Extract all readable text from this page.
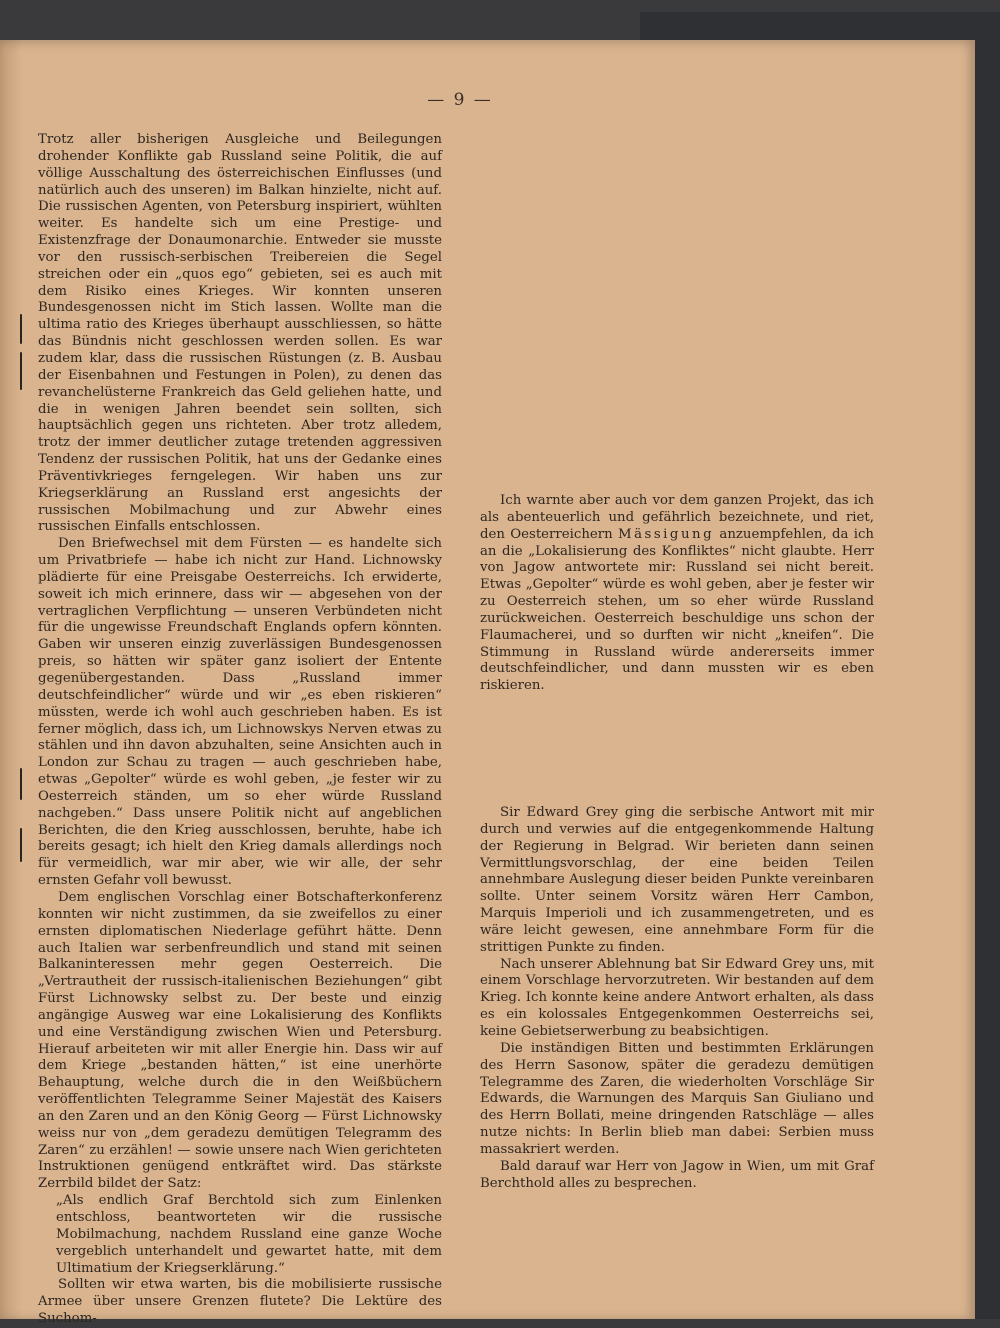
— 9 —

Trotz aller bisherigen Ausgleiche und Beilegungen drohender Konflikte gab Russland seine Politik, die auf völlige Ausschaltung des österreichischen Einflusses (und natürlich auch des unseren) im Balkan hinzielte, nicht auf. Die russischen Agenten, von Petersburg inspiriert, wühlten weiter. Es handelte sich um eine Prestige- und Existenzfrage der Donaumonarchie. Entweder sie musste vor den russisch-serbischen Treibereien die Segel streichen oder ein „quos ego“ gebieten, sei es auch mit dem Risiko eines Krieges. Wir konnten unseren Bundesgenossen nicht im Stich lassen. Wollte man die ultima ratio des Krieges überhaupt ausschliessen, so hätte das Bündnis nicht geschlossen werden sollen. Es war zudem klar, dass die russischen Rüstungen (z. B. Ausbau der Eisenbahnen und Festungen in Polen), zu denen das revanchelüsterne Frankreich das Geld geliehen hatte, und die in wenigen Jahren beendet sein sollten, sich hauptsächlich gegen uns richteten. Aber trotz alledem, trotz der immer deutlicher zutage tretenden aggressiven Tendenz der russischen Politik, hat uns der Gedanke eines Präventivkrieges ferngelegen. Wir haben uns zur Kriegserklärung an Russland erst angesichts der russischen Mobilmachung und zur Abwehr eines russischen Einfalls entschlossen.

Den Briefwechsel mit dem Fürsten — es handelte sich um Privatbriefe — habe ich nicht zur Hand. Lichnowsky plädierte für eine Preisgabe Oesterreichs. Ich erwiderte, soweit ich mich erinnere, dass wir — abgesehen von der vertraglichen Verpflichtung — unseren Verbündeten nicht für die ungewisse Freundschaft Englands opfern könnten. Gaben wir unseren einzig zuverlässigen Bundesgenossen preis, so hätten wir später ganz isoliert der Entente gegenübergestanden. Dass „Russland immer deutschfeindlicher“ würde und wir „es eben riskieren“ müssten, werde ich wohl auch geschrieben haben. Es ist ferner möglich, dass ich, um Lichnowskys Nerven etwas zu stählen und ihn davon abzuhalten, seine Ansichten auch in London zur Schau zu tragen — auch geschrieben habe, etwas „Gepolter“ würde es wohl geben, „je fester wir zu Oesterreich ständen, um so eher würde Russland nachgeben.“ Dass unsere Politik nicht auf angeblichen Berichten, die den Krieg ausschlossen, beruhte, habe ich bereits gesagt; ich hielt den Krieg damals allerdings noch für vermeidlich, war mir aber, wie wir alle, der sehr ernsten Gefahr voll bewusst.

Dem englischen Vorschlag einer Botschafterkonferenz konnten wir nicht zustimmen, da sie zweifellos zu einer ernsten diplomatischen Niederlage geführt hätte. Denn auch Italien war serbenfreundlich und stand mit seinen Balkaninteressen mehr gegen Oesterreich. Die „Vertrautheit der russisch-italienischen Beziehungen“ gibt Fürst Lichnowsky selbst zu. Der beste und einzig angängige Ausweg war eine Lokalisierung des Konflikts und eine Verständigung zwischen Wien und Petersburg. Hierauf arbeiteten wir mit aller Energie hin. Dass wir auf dem Kriege „bestanden hätten,“ ist eine unerhörte Behauptung, welche durch die in den Weißbüchern veröffentlichten Telegramme Seiner Majestät des Kaisers an den Zaren und an den König Georg — Fürst Lichnowsky weiss nur von „dem geradezu demütigen Telegramm des Zaren“ zu erzählen! — sowie unsere nach Wien gerichteten Instruktionen genügend entkräftet wird. Das stärkste Zerrbild bildet der Satz:

„Als endlich Graf Berchtold sich zum Einlenken entschloss, beantworteten wir die russische Mobilmachung, nachdem Russland eine ganze Woche vergeblich unterhandelt und gewartet hatte, mit dem Ultimatium der Kriegserklärung.“

Sollten wir etwa warten, bis die mobilisierte russische Armee über unsere Grenzen flutete? Die Lektüre des Suchom-

Ich warnte aber auch vor dem ganzen Projekt, das ich als abenteuerlich und gefährlich bezeichnete, und riet, den Oesterreichern Mässigung anzuempfehlen, da ich an die „Lokalisierung des Konfliktes“ nicht glaubte. Herr von Jagow antwortete mir: Russland sei nicht bereit. Etwas „Gepolter“ würde es wohl geben, aber je fester wir zu Oesterreich stehen, um so eher würde Russland zurückweichen. Oesterreich beschuldige uns schon der Flaumacherei, und so durften wir nicht „kneifen“. Die Stimmung in Russland würde andererseits immer deutschfeindlicher, und dann mussten wir es eben riskieren.

Sir Edward Grey ging die serbische Antwort mit mir durch und verwies auf die entgegenkommende Haltung der Regierung in Belgrad. Wir berieten dann seinen Vermittlungsvorschlag, der eine beiden Teilen annehmbare Auslegung dieser beiden Punkte vereinbaren sollte. Unter seinem Vorsitz wären Herr Cambon, Marquis Imperioli und ich zusammengetreten, und es wäre leicht gewesen, eine annehmbare Form für die strittigen Punkte zu finden.

Nach unserer Ablehnung bat Sir Edward Grey uns, mit einem Vorschlage hervorzutreten. Wir bestanden auf dem Krieg. Ich konnte keine andere Antwort erhalten, als dass es ein kolossales Entgegenkommen Oesterreichs sei, keine Gebietserwerbung zu beabsichtigen.

Die inständigen Bitten und bestimmten Erklärungen des Herrn Sasonow, später die geradezu demütigen Telegramme des Zaren, die wiederholten Vorschläge Sir Edwards, die Warnungen des Marquis San Giuliano und des Herrn Bollati, meine dringenden Ratschläge — alles nutze nichts: In Berlin blieb man dabei: Serbien muss massakriert werden.

Bald darauf war Herr von Jagow in Wien, um mit Graf Berchthold alles zu besprechen.
